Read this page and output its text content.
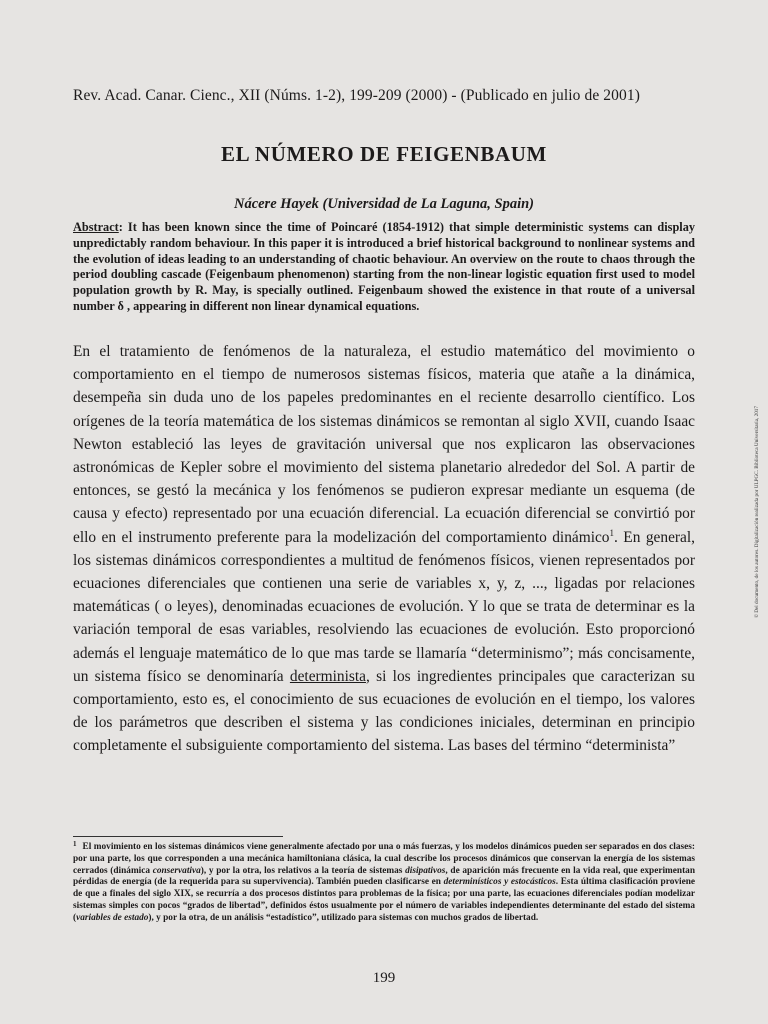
Rev. Acad. Canar. Cienc., XII (Núms. 1-2), 199-209 (2000) - (Publicado en julio de 2001)
EL NÚMERO DE FEIGENBAUM
Nácere Hayek (Universidad de La Laguna, Spain)
Abstract: It has been known since the time of Poincaré (1854-1912) that simple deterministic systems can display unpredictably random behaviour. In this paper it is introduced a brief historical background to nonlinear systems and the evolution of ideas leading to an understanding of chaotic behaviour. An overview on the route to chaos through the period doubling cascade (Feigenbaum phenomenon) starting from the non-linear logistic equation first used to model population growth by R. May, is specially outlined. Feigenbaum showed the existence in that route of a universal number δ , appearing in different non linear dynamical equations.
En el tratamiento de fenómenos de la naturaleza, el estudio matemático del movimiento o comportamiento en el tiempo de numerosos sistemas físicos, materia que atañe a la dinámica, desempeña sin duda uno de los papeles predominantes en el reciente desarrollo científico. Los orígenes de la teoría matemática de los sistemas dinámicos se remontan al siglo XVII, cuando Isaac Newton estableció las leyes de gravitación universal que nos explicaron las observaciones astronómicas de Kepler sobre el movimiento del sistema planetario alrededor del Sol. A partir de entonces, se gestó la mecánica y los fenómenos se pudieron expresar mediante un esquema (de causa y efecto) representado por una ecuación diferencial. La ecuación diferencial se convirtió por ello en el instrumento preferente para la modelización del comportamiento dinámico$^1$. En general, los sistemas dinámicos correspondientes a multitud de fenómenos físicos, vienen representados por ecuaciones diferenciales que contienen una serie de variables x, y, z, ..., ligadas por relaciones matemáticas ( o leyes), denominadas ecuaciones de evolución. Y lo que se trata de determinar es la variación temporal de esas variables, resolviendo las ecuaciones de evolución. Esto proporcionó además el lenguaje matemático de lo que mas tarde se llamaría “determinismo”; más concisamente, un sistema físico se denominaría determinista, si los ingredientes principales que caracterizan su comportamiento, esto es, el conocimiento de sus ecuaciones de evolución en el tiempo, los valores de los parámetros que describen el sistema y las condiciones iniciales, determinan en principio completamente el subsiguiente comportamiento del sistema. Las bases del término “determinista”
$^1$ El movimiento en los sistemas dinámicos viene generalmente afectado por una o más fuerzas, y los modelos dinámicos pueden ser separados en dos clases: por una parte, los que corresponden a una mecánica hamiltoniana clásica, la cual describe los procesos dinámicos que conservan la energía de los sistemas cerrados (dinámica conservativa), y por la otra, los relativos a la teoría de sistemas disipativos, de aparición más frecuente en la vida real, que experimentan pérdidas de energía (de la requerida para su supervivencia). También pueden clasificarse en determinísticos y estocásticos. Esta última clasificación proviene de que a finales del siglo XIX, se recurría a dos procesos distintos para problemas de la física; por una parte, las ecuaciones diferenciales podían modelizar sistemas simples con pocos “grados de libertad”, definidos éstos usualmente por el número de variables independientes determinante del estado del sistema (variables de estado), y por la otra, de un análisis “estadístico”, utilizado para sistemas con muchos grados de libertad.
199
© Del documento, de los autores. Digitalización realizada por ULPGC. Biblioteca Universitaria, 2017
